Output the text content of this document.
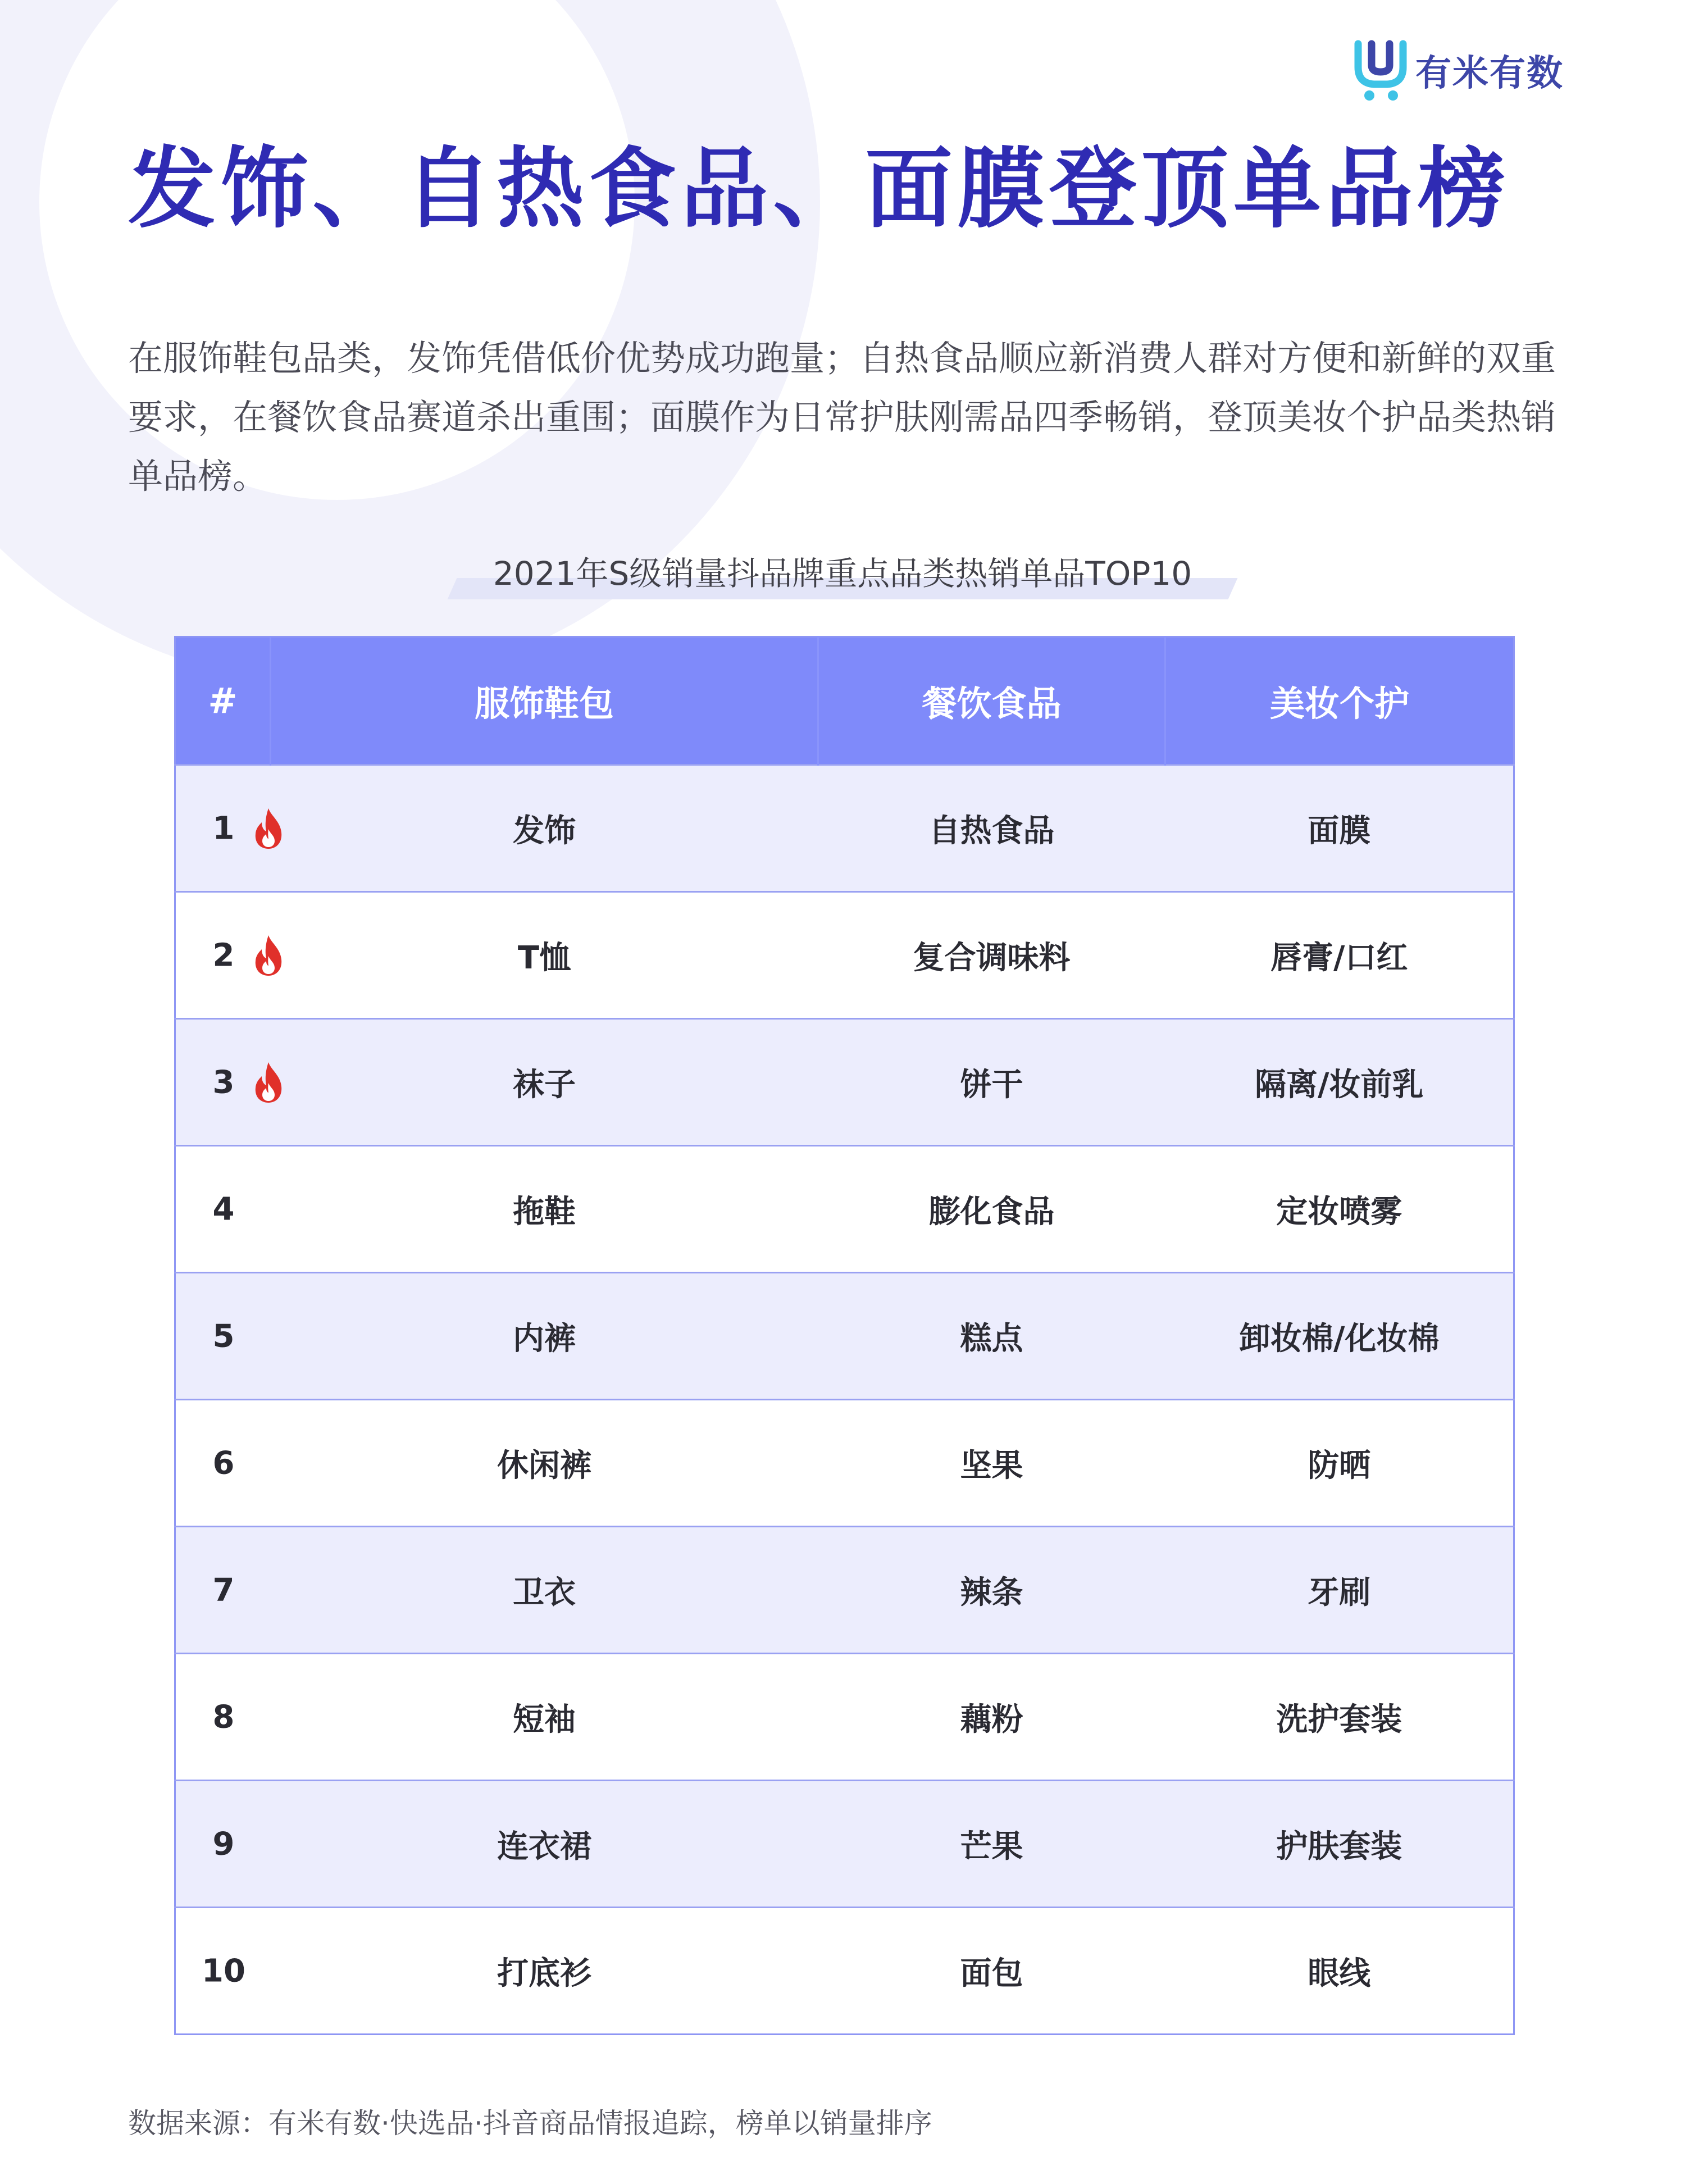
有米有数
发饰、自热食品、面膜登顶单品榜

在服饰鞋包品类，发饰凭借低价优势成功跑量；自热食品顺应新消费人群对方便和新鲜的双重要求，在餐饮食品赛道杀出重围；面膜作为日常护肤刚需品四季畅销，登顶美妆个护品类热销单品榜。

2021年S级销量抖品牌重点品类热销单品TOP10
#	服饰鞋包	餐饮食品	美妆个护

1	发饰	自热食品	面膜

2	T恤	复合调味料	唇膏/口红

3	袜子	饼干	隔离/妆前乳

4	拖鞋	膨化食品	定妆喷雾

5	内裤	糕点	卸妆棉/化妆棉

6	休闲裤	坚果	防晒

7	卫衣	辣条	牙刷

8	短袖	藕粉	洗护套装

9	连衣裙	芒果	护肤套装

10	打底衫	面包	眼线

数据来源：有米有数·快选品·抖音商品情报追踪，榜单以销量排序
